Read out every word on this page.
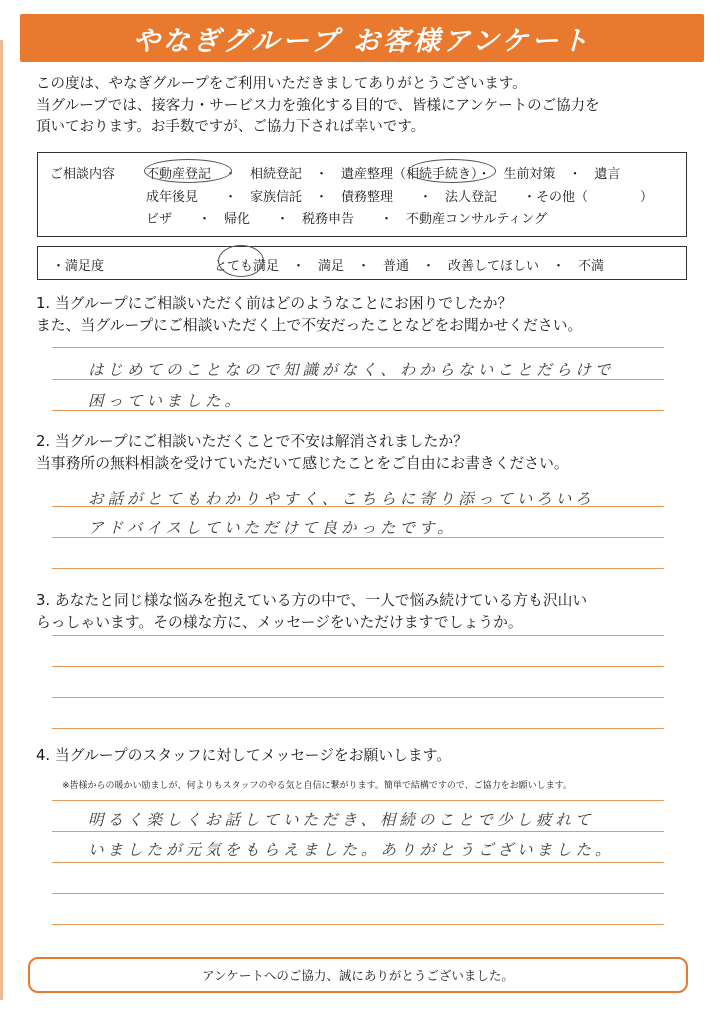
やなぎグループ お客様アンケート
この度は、やなぎグループをご利用いただきましてありがとうございます。
当グループでは、接客力・サービス力を強化する目的で、皆様にアンケートのご協力を
頂いております。お手数ですが、ご協力下されば幸いです。
ご相談内容 不動産登記　・　相続登記　・　遺産整理（相続手続き）・　生前対策　・　遺言
成年後見　　・　家族信託　・　債務整理　　・　法人登記　　・その他（　　　　）
ビザ　　・　帰化　　・　税務申告　　・　不動産コンサルティング
・満足度	とても満足　・　満足　・　普通　・　改善してほしい　・　不満
1. 当グループにご相談いただく前はどのようなことにお困りでしたか？
また、当グループにご相談いただく上で不安だったことなどをお聞かせください。
はじめてのことなので知識がなく、わからないことだらけで
困っていました。
2. 当グループにご相談いただくことで不安は解消されましたか？
当事務所の無料相談を受けていただいて感じたことをご自由にお書きください。
お話がとてもわかりやすく、こちらに寄り添っていろいろ
アドバイスしていただけて良かったです。
3. あなたと同じ様な悩みを抱えている方の中で、一人で悩み続けている方も沢山い
らっしゃいます。その様な方に、メッセージをいただけますでしょうか。
4. 当グループのスタッフに対してメッセージをお願いします。
※皆様からの暖かい励ましが、何よりもスタッフのやる気と自信に繋がります。簡単で結構ですので、ご協力をお願いします。
明るく楽しくお話していただき、相続のことで少し疲れて
いましたが元気をもらえました。ありがとうございました。
アンケートへのご協力、誠にありがとうございました。
